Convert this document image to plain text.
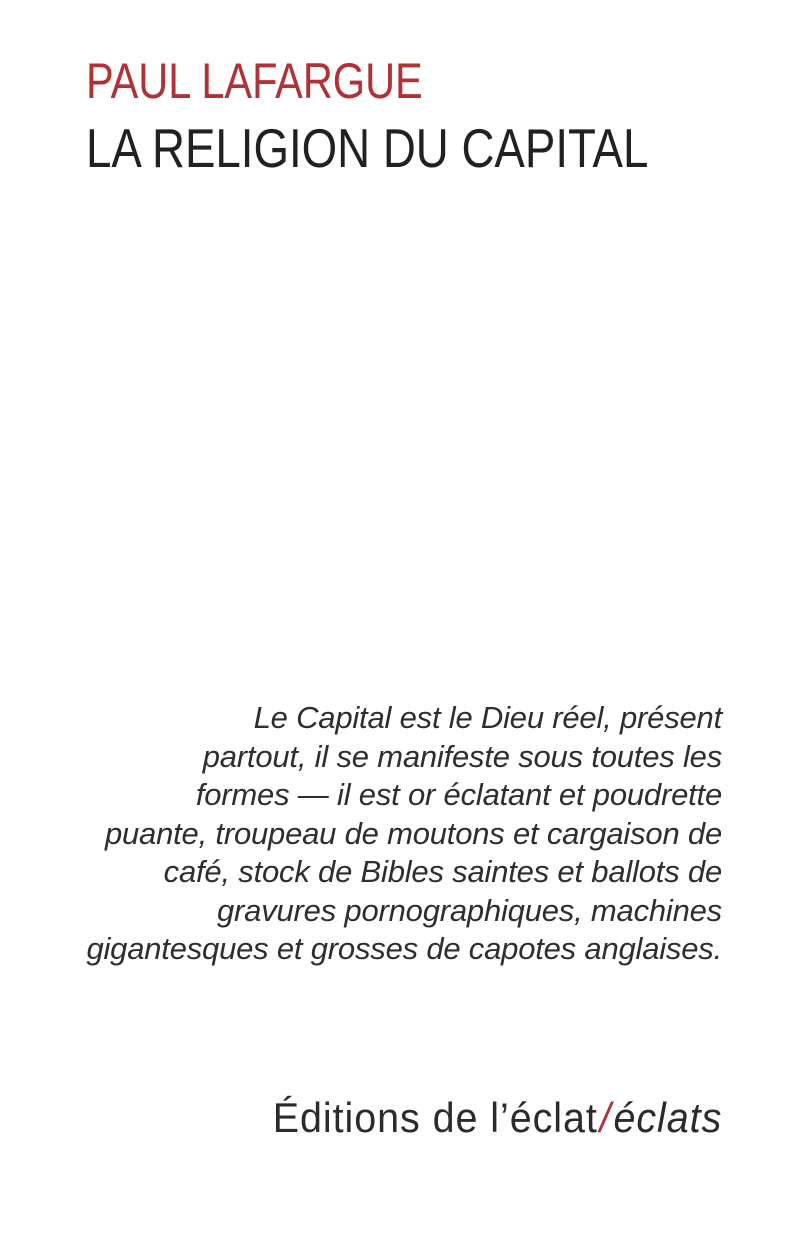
PAUL LAFARGUE
LA RELIGION DU CAPITAL
Le Capital est le Dieu réel, présent
partout, il se manifeste sous toutes les
formes — il est or éclatant et poudrette
puante, troupeau de moutons et cargaison de
café, stock de Bibles saintes et ballots de
gravures pornographiques, machines
gigantesques et grosses de capotes anglaises.
Éditions de l’éclat/éclats
